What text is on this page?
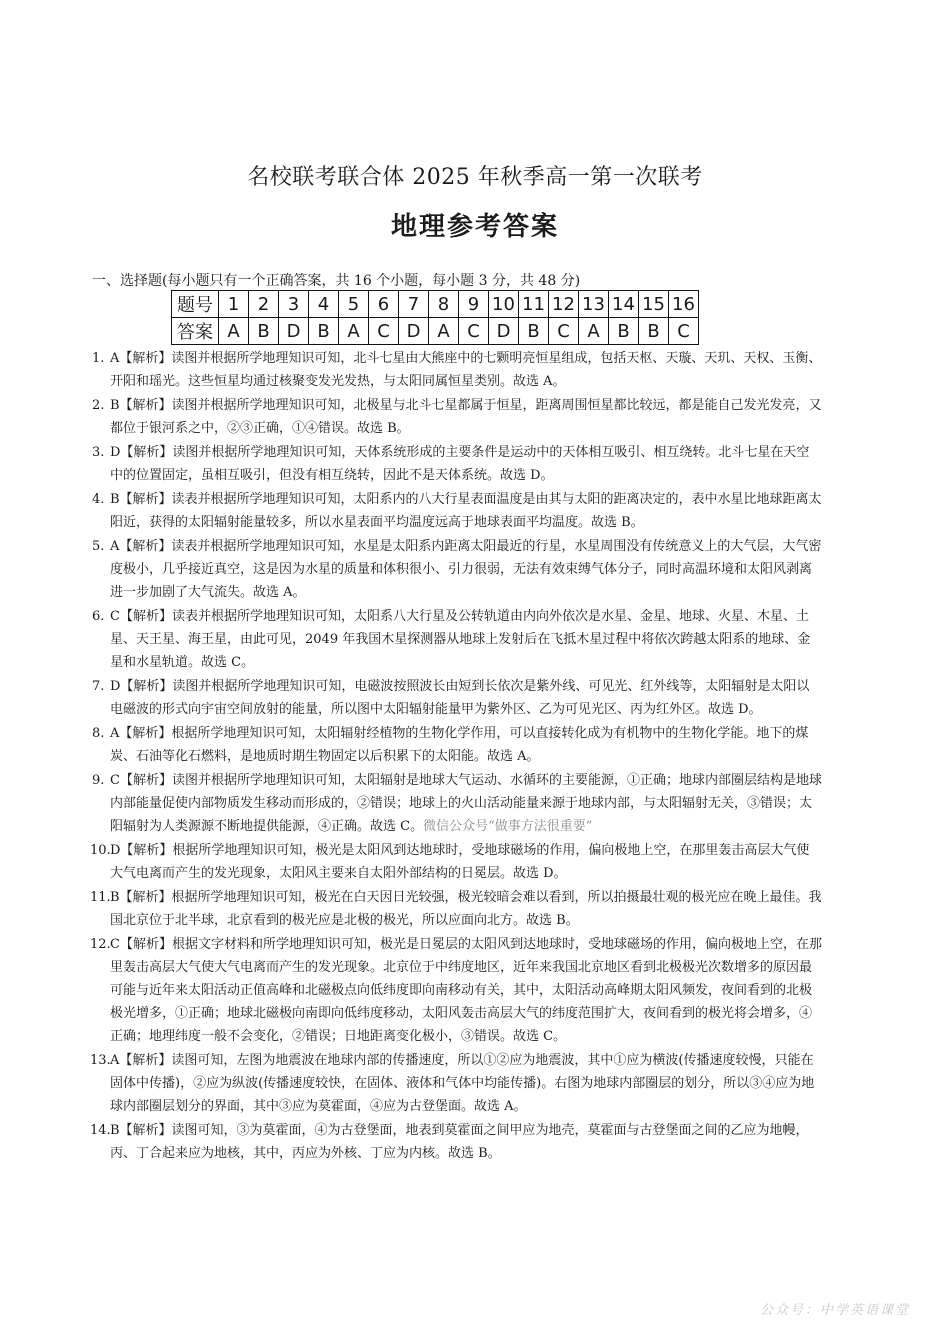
名校联考联合体 2025 年秋季高一第一次联考
地理参考答案
一、选择题(每小题只有一个正确答案，共 16 个小题，每小题 3 分，共 48 分)
题号	1	2	3	4	5	6	7	8	9	10	11	12	13	14	15	16
答案	A	B	D	B	A	C	D	A	C	D	B	C	A	B	B	C
1. A【解析】读图并根据所学地理知识可知，北斗七星由大熊座中的七颗明亮恒星组成，包括天枢、天璇、天玑、天权、玉衡、开阳和瑶光。这些恒星均通过核聚变发光发热，与太阳同属恒星类别。故选 A。
2. B【解析】读图并根据所学地理知识可知，北极星与北斗七星都属于恒星，距离周围恒星都比较远，都是能自己发光发亮，又都位于银河系之中，②③正确，①④错误。故选 B。
3. D【解析】读图并根据所学地理知识可知，天体系统形成的主要条件是运动中的天体相互吸引、相互绕转。北斗七星在天空中的位置固定，虽相互吸引，但没有相互绕转，因此不是天体系统。故选 D。
4. B【解析】读表并根据所学地理知识可知，太阳系内的八大行星表面温度是由其与太阳的距离决定的，表中水星比地球距离太阳近，获得的太阳辐射能量较多，所以水星表面平均温度远高于地球表面平均温度。故选 B。
5. A【解析】读表并根据所学地理知识可知，水星是太阳系内距离太阳最近的行星，水星周围没有传统意义上的大气层，大气密度极小，几乎接近真空，这是因为水星的质量和体积很小、引力很弱，无法有效束缚气体分子，同时高温环境和太阳风剥离进一步加剧了大气流失。故选 A。
6. C【解析】读表并根据所学地理知识可知，太阳系八大行星及公转轨道由内向外依次是水星、金星、地球、火星、木星、土星、天王星、海王星，由此可见，2049 年我国木星探测器从地球上发射后在飞抵木星过程中将依次跨越太阳系的地球、金星和水星轨道。故选 C。
7. D【解析】读图并根据所学地理知识可知，电磁波按照波长由短到长依次是紫外线、可见光、红外线等，太阳辐射是太阳以电磁波的形式向宇宙空间放射的能量，所以图中太阳辐射能量甲为紫外区、乙为可见光区、丙为红外区。故选 D。
8. A【解析】根据所学地理知识可知，太阳辐射经植物的生物化学作用，可以直接转化成为有机物中的生物化学能。地下的煤炭、石油等化石燃料，是地质时期生物固定以后积累下的太阳能。故选 A。
9. C【解析】读图并根据所学地理知识可知，太阳辐射是地球大气运动、水循环的主要能源，①正确；地球内部圈层结构是地球内部能量促使内部物质发生移动而形成的，②错误；地球上的火山活动能量来源于地球内部，与太阳辐射无关，③错误；太阳辐射为人类源源不断地提供能源，④正确。故选 C。微信公众号“做事方法很重要”
10. D【解析】根据所学地理知识可知，极光是太阳风到达地球时，受地球磁场的作用，偏向极地上空，在那里轰击高层大气使大气电离而产生的发光现象，太阳风主要来自太阳外部结构的日冕层。故选 D。
11. B【解析】根据所学地理知识可知，极光在白天因日光较强，极光较暗会难以看到，所以拍摄最壮观的极光应在晚上最佳。我国北京位于北半球，北京看到的极光应是北极的极光，所以应面向北方。故选 B。
12. C【解析】根据文字材料和所学地理知识可知，极光是日冕层的太阳风到达地球时，受地球磁场的作用，偏向极地上空，在那里轰击高层大气使大气电离而产生的发光现象。北京位于中纬度地区，近年来我国北京地区看到北极极光次数增多的原因最可能与近年来太阳活动正值高峰和北磁极点向低纬度即向南移动有关，其中，太阳活动高峰期太阳风频发，夜间看到的北极极光增多，①正确；地球北磁极向南即向低纬度移动，太阳风轰击高层大气的纬度范围扩大，夜间看到的极光将会增多，④正确；地理纬度一般不会变化，②错误；日地距离变化极小，③错误。故选 C。
13. A【解析】读图可知，左图为地震波在地球内部的传播速度，所以①②应为地震波，其中①应为横波(传播速度较慢，只能在固体中传播)，②应为纵波(传播速度较快，在固体、液体和气体中均能传播)。右图为地球内部圈层的划分，所以③④应为地球内部圈层划分的界面，其中③应为莫霍面，④应为古登堡面。故选 A。
14. B【解析】读图可知，③为莫霍面，④为古登堡面，地表到莫霍面之间甲应为地壳，莫霍面与古登堡面之间的乙应为地幔，丙、丁合起来应为地核，其中，丙应为外核、丁应为内核。故选 B。
公众号：中学英语课堂
